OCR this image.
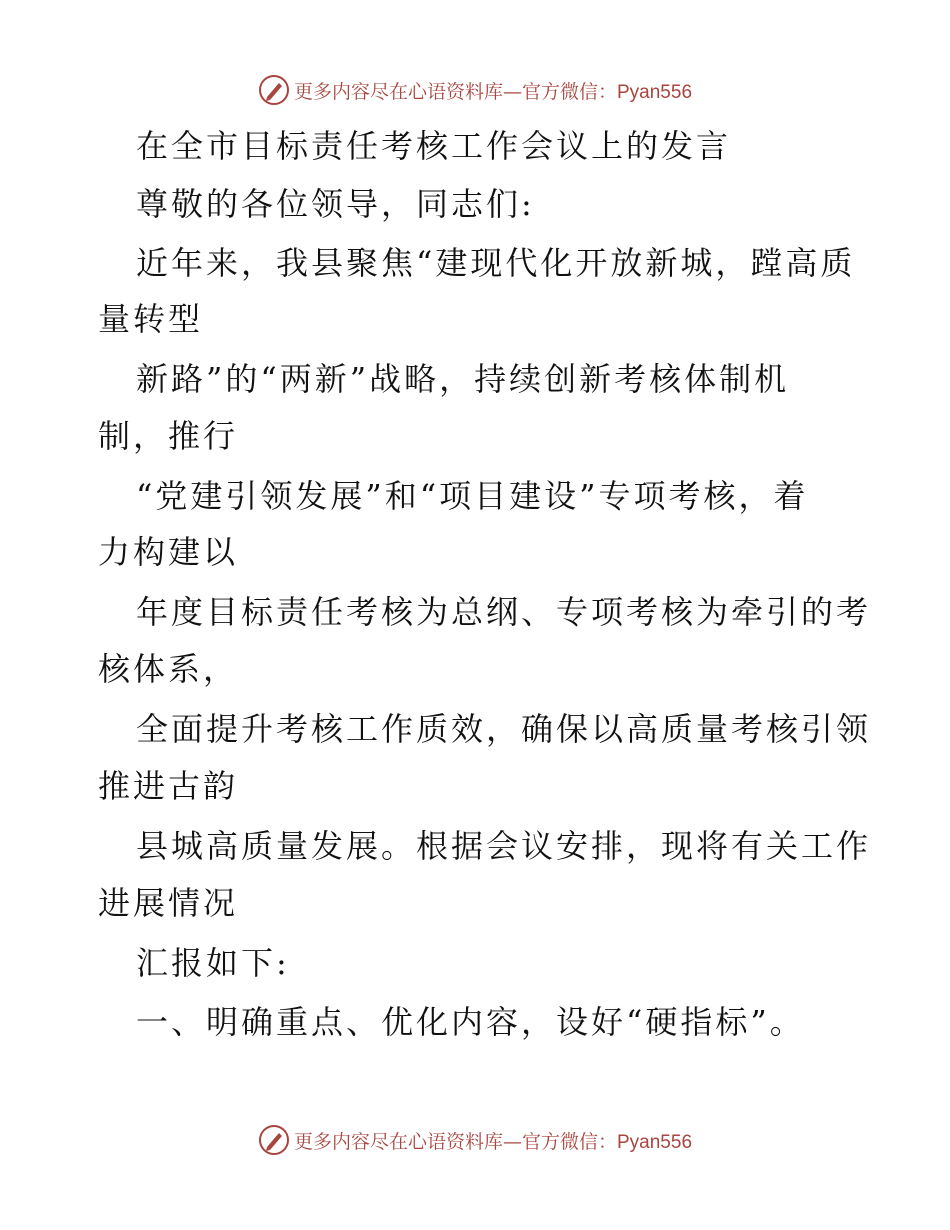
更多内容尽在心语资料库—官方微信：Pyan556
在全市目标责任考核工作会议上的发言
尊敬的各位领导，同志们:
近年来，我县聚焦“建现代化开放新城，蹚高质
量转型
新路”的“两新”战略，持续创新考核体制机
制，推行
“党建引领发展”和“项目建设”专项考核，着
力构建以
年度目标责任考核为总纲、专项考核为牵引的考
核体系，
全面提升考核工作质效，确保以高质量考核引领
推进古韵
县城高质量发展。根据会议安排，现将有关工作
进展情况
汇报如下:
一、明确重点、优化内容，设好“硬指标”。
更多内容尽在心语资料库—官方微信：Pyan556
